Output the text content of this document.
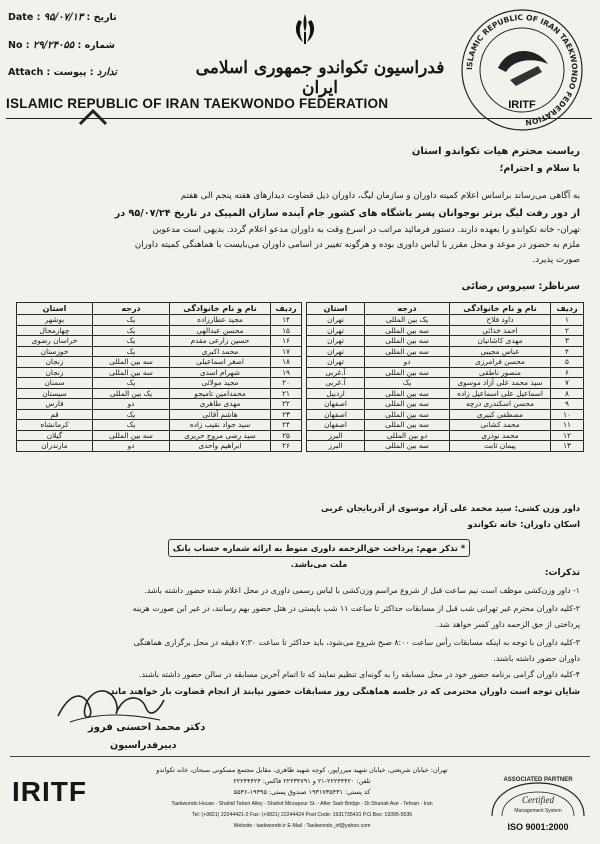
Date : ۹۵/۰۷/۱۳ : تاریخ
No : ۲۹/۲۴۰۵۵ : شماره
Attach :	ندارد : پیوست	فدراسیون تکواندو جمهوری اسلامی ایران
ISLAMIC REPUBLIC OF IRAN TAEKWONDO FEDERATION
ISLAMIC REPUBLIC OF IRAN TAEKWONDO FEDERATION
IRITF
ریاست محترم هیات تکواندو استان
با سلام و احترام؛
به آگاهی می‌رساند براساس اعلام کمیته داوران و سازمان لیگ، داوران ذیل قضاوت دیدارهای هفته پنجم الی هفتم
از دور رفت لیگ برتر نوجوانان پسر باشگاه های کشور جام آینده سازان المپیک در تاریخ ۹۵/۰۷/۲۴ در
تهران- خانه تکواندو را بعهده دارند. دستور فرمائید مراتب در اسرع وقت به داوران مدعو اعلام گردد. بدیهی است مدعوین
ملزم به حضور در موعد و محل مقرر با لباس داوری بوده و هرگونه تغییر در اسامی داوران می‌بایست با هماهنگی کمیته داوران
صورت پذیرد.
سرناظر: سیروس رضائی
ردیف	نام و نام خانوادگی	درجه	استان
۱	داود فلاح	یک بین المللی	تهران
۲	احمد خدائی	سه بین المللی	تهران
۳	مهدی کاشانیان	سه بین المللی	تهران
۴	عباس مجیبی	سه بین المللی	تهران
۵	محسن فرامرزی	دو	تهران
۶	منصور ناطقی	سه بین المللی	آ.غربی
۷	سید محمد علی آزاد موسوی	یک	آ.غربی
۸	اسماعیل علی اسماعیل زاده	سه بین المللی	اردبیل
۹	محسن اسکندری درچه	سه بین المللی	اصفهان
۱۰	مصطفی کبیری	سه بین المللی	اصفهان
۱۱	محمد کشانی	سه بین المللی	اصفهان
۱۲	محمد نوذری	دو بین المللی	البرز
۱۳	پیمان ثابت	سه بین المللی	البرز
ردیف	نام و نام خانوادگی	درجه	استان
۱۴	مجید عطارزاده	یک	بوشهر
۱۵	محسن عبدالهی	یک	چهارمحال
۱۶	حسین زارعی مقدم	یک	خراسان رضوی
۱۷	محمد اکبری	یک	خوزستان
۱۸	اصغر اسماعیلی	سه بین المللی	زنجان
۱۹	شهرام اسدی	سه بین المللی	زنجان
۲۰	مجید مولائی	یک	سمنان
۲۱	محمدامین تامیجو	یک بین المللی	سیستان
۲۲	مهدی طاهری	دو	فارس
۲۳	هاشم آقائی	یک	قم
۲۴	سید جواد نقیب زاده	یک	کرمانشاه
۲۵	سید رضی مروج حریری	سه بین المللی	گیلان
۲۶	ابراهیم واحدی	دو	مازندران
داور وزن کشی: سید محمد علی آزاد موسوی از آذربایجان غربی
اسکان داوران: خانه تکواندو
* تذکر مهم: پرداخت حق‌الزحمه داوری منوط به ارائه شماره حساب بانک ملت می‌باشد.
تذکرات:
۱- داور وزن‌کشی موظف است نیم ساعت قبل از شروع مراسم وزن‌کشی با لباس رسمی داوری در محل اعلام شده حضور داشته باشد.
۲-کلیه داوران محترم غیر تهرانی شب قبل از مسابقات حداکثر تا ساعت ۱۱ شب بایستی در هتل حضور بهم رسانند، در غیر این صورت هزینه
پرداختی از حق الزحمه داور کسر خواهد شد.
۳-کلیه داوران با توجه به اینکه مسابقات رأس ساعت ۸:۰۰ صبح شروع می‌شود، باید حداکثر تا ساعت ۷:۳۰ دقیقه در محل برگزاری هماهنگی
داوران حضور داشته باشند.
۴-کلیه داوران گرامی برنامه حضور خود در محل مسابقه را به گونه‌ای تنظیم نمایند که تا اتمام آخرین مسابقه در سالن حضور داشته باشند.
شایان توجه است داوران محترمی که در جلسه هماهنگی روز مسابقات حضور نیابند از انجام قضاوت باز خواهند ماند.
دکتر محمد احسنی فروز
دبیرفدراسیون
IRITF
تهران: خیابان شریعتی، خیابان شهید میرزاپور، کوچه شهید طاهری، مقابل مجتمع مسکونی سبحان، خانه تکواندو
تلفن: ۲۲۲۴۴۴۲۰-۲۱ و ۲۲۲۳۴۷۹۱ فاکس: ۲۲۲۴۴۴۲۴
کد پستی: ۱۹۳۱۷۳۵۴۳۱ صندوق پستی: ۱۹۳۹۵-۵۵۳۶
Taekwondo House - Shahid Taheri Alley - Shahid Mirzapour St. - After Sadr Bridge - Dr.Shariati Ave - Tehran - Iran
Tel: (+9821) 22244421-2 Fax: (+9821) 22244424 Post Code: 1931735431 P.O.Box: 19395-5536
Website : taekwondo.ir E-Mail : Taekwondo_irf@yahoo.com
ASSOCIATED PARTNER
Certified
Management System
ISO 9001:2000
